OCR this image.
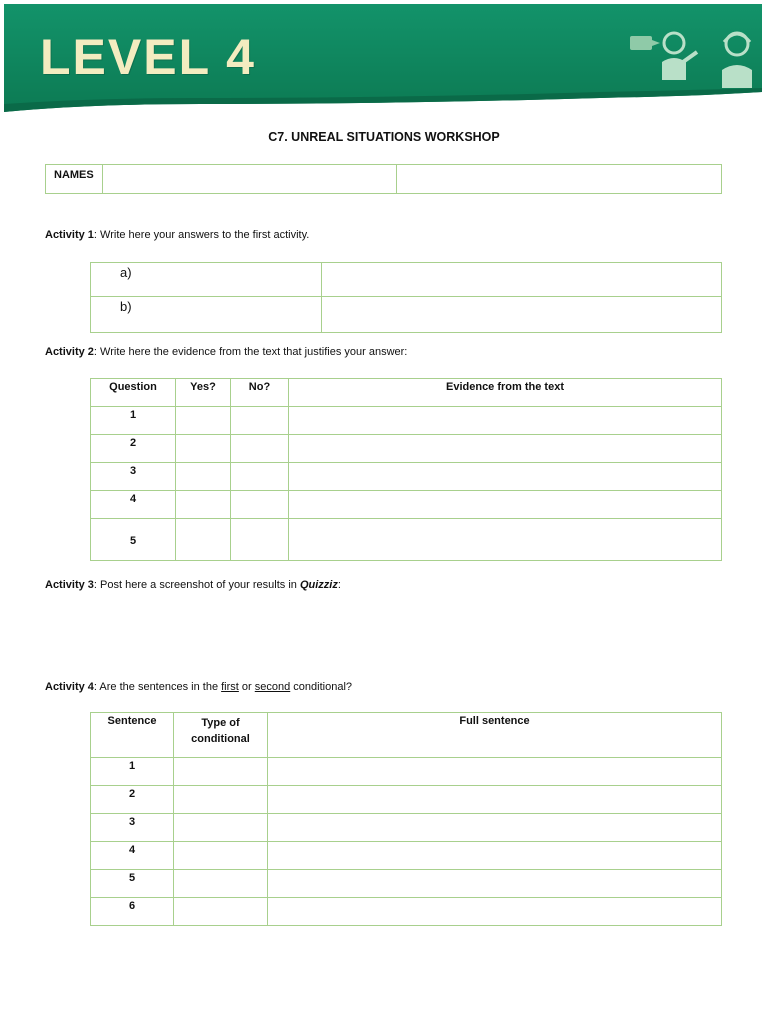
LEVEL 4
C7. UNREAL SITUATIONS WORKSHOP
NAMES		
Activity 1: Write here your answers to the first activity.
a)	
b)	
Activity 2: Write here the evidence from the text that justifies your answer:
Question	Yes?	No?	Evidence from the text
1			
2			
3			
4			
5			
Activity 3: Post here a screenshot of your results in Quizziz:
Activity 4: Are the sentences in the first or second conditional?
Sentence	Type of conditional	Full sentence
1		
2		
3		
4		
5		
6		
